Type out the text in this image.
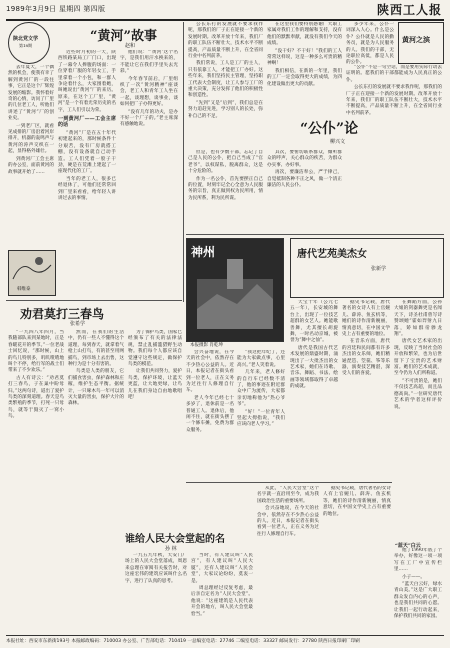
1989年3月9日 星期四 第四版	陕西工人报
陕北党文学
第18期
“黄河”故事
赵和

去年夏天，一个偶然的机会，使我有幸了解到黄河厂的一段往事，它正是这个厂辉煌发展的缩影。我怀着好奇的心情，访问了厂里的几位老工人，听他们讲述了“黄河”厂的创业史。

一到老厂区，就看见成排的厂房沿着河岸排开，机器的轰鸣声与黄河的涛声交织在一起，显得格外雄壮。

到黄河厂工会主席的办公室，面前黄河的故事就开始了……

近些时月初的一天，陕西铁路某局工厂门口，出现了一幕令人捧腹的场面：一位穿着厂服的年轻女工，手里拿着一个小包，和一群人争论着什么，大家围着她，叫她说出“黄河”厂的来历。原来，在这个工厂里，“黄河”是一个有着光荣历史的名字，工人们引以为荣。

一到黄河厂——工会主席的话

“黄河”厂是在五十年代初建起来的，那时候条件十分艰苦，没有厂房就搭工棚，没有设备就自己动手造。工人们凭着一股子干劲，硬是在荒滩上建起了一座现代化的工厂。

当年的老工人，很多已经退休了，可他们还常常回到厂里来看看，给年轻人讲讲过去的事情。

他们说：“‘黄河’这个名字，是我们用汗水换来的，不能让它在我们手里失去光彩。”

今年春节前后，厂里组织了一次“黄河精神”座谈会，老工人和青年工人坐在一起，谈理想，谈事业，谈如何把厂子办得更好。

“没有几年的功夫，是办不好一个厂子的。”老主席深有感触地说。

韩维泰

公长东打的发展就不要求我作呢，那我们的厂子正在迎接一个新的发展时期。改革开放十年来，我们厂的职工队伍不断壮大，技术水平不断提高，产品质量不断上升，在全省同行业中名列前茅。

我们常说，工人是工厂的主人，只有依靠工人，才能把工厂办好。这些年来，我们坚持民主管理，坚持职工代表大会制度，让工人参与工厂的重大决策，充分发挥了他们的积极性和创造性。

“先到”又是“后到”，我们总是在努力追赶先进，学习别人的长处，弥补自己的不足。

在这里我们要特别感谢广大职工家属对我们工作的理解和支持，没有他们的默默奉献，就没有我们今天的成绩。

“没干好？不干好！”我们的工人常常这样说，这是一种多么可贵的精神啊！

我们相信，在新的一年里，我们的工厂一定会取得更大的成绩，为四化建设做出更大的贡献。

多少年来，公仆一词深入人心。什么是公仆？公仆就是人民的勤务员，就是为人民服务的人。我们的干部，无论职位高低，都是人民的公仆。

黄河之滨
“公仆”论
柳兴文

但是，也有少数干部，忘记了自己是人民的公仆，把自己当成了“官老爷”，以权谋私，脱离群众，这是十分危险的。

作为一名公仆，首先要摆正自己的位置，时刻牢记全心全意为人民服务的宗旨，真正做到权为民所用，情为民所系，利为民所谋。

其次，要密切联系群众，倾听群众的呼声，关心群众的疾苦，为群众办实事、办好事。

再次，要廉洁奉公，严于律己，自觉抵制各种不正之风，做一个清正廉洁的人民公仆。

“公仆”不是一句空话，而是要用实际行动去证明的。愿我们的干部都能成为人民真正的公仆。

公长东打的发展就不要求我作呢，那我们的厂子正在迎接一个新的发展时期。改革开放十年来，我们厂的职工队伍不断壮大，技术水平不断提高，产品质量不断上升，在全省同行业中名列前茅。

劝君莫打三春鸟
张希学

“一九四八年四月，当我随部队来到某地时，正是春暖花开的季节。”一位老战士回忆说，“那时候，山上的鸟儿特别多，叽叽喳喳地叫个不停，给行军的战士们带来了不少欢乐。”

古人有诗云：“劝君莫打三春鸟，子在巢中盼母归。”这两句诗，道出了爱护鸟类的深刻道理。春天是鸟类繁殖的季节，打死一只母鸟，就等于毁灭了一窝小鸟。

然而，在我们的生活中，仍有一些人不懂得这个道理，每到春天，就拿着气枪上山打鸟，有的甚至用网捕鸟，到市场上去出售，这种行为是十分有害的。

鸟类是人类的朋友，它们捕食害虫，保护森林和庄稼，维护生态平衡。据统计，一只啄木鸟一年可以消灭大量的害虫，保护大片的森林。

为了保护鸟类，国家已经颁布了有关的法律法规，禁止乱捕滥猎野生动物。我们每个人都应该自觉遵守这些规定，做保护鸟类的模范。

让我们共同努力，爱护鸟类，保护环境，让蓝天更蓝，让大地更绿，让鸟儿在我们身边自由地歌唱吧！

神州
本报摄影 肖乾坤

会兴奋地说，在今天的社会中，依然存在不少热心公益的人。近日，本报记者在街头看到一位老人，正在义务为过往行人修理自行车。

老人今年已经七十多岁了，退休前是一名普通工人。退休后，他闲不住，就在街头摆了一个修车摊，免费为群众服务。

“我这把年纪了，还能为大家做点事，心里高兴。”老人笑着说。

几年来，老人修好的自行车已经数不清了，他的事迹在附近群众中广为流传，大家都亲切地称他为“热心爷爷”。

“好！”一位青年人竖起大拇指说，“我们应该向老人学习。”

唐代艺苑美杰女
张新学

天宝十年（公元七五一年），长安城的舞台上，出现了一位技艺超群的女艺人。她能歌善舞，尤其擅长胡旋舞，一时名动京城，被誉为“舞中之仙”。

唐代是我国古代艺术发展的鼎盛时期，涌现出了一大批杰出的女艺术家，她们在诗歌、音乐、舞蹈、书法、绘画等领域都取得了卓越的成就。

据史书记载，唐代著名的女诗人有上官婉儿、薛涛、鱼玄机等，她们的诗作清新婉丽，情真意切，在中国文学史上占有重要的地位。

在音乐方面，唐代的宫廷和民间都有许多杰出的女乐师，她们精通琵琶、箜篌、筝等乐器，演奏技艺精湛，深受人们的喜爱。

在舞蹈方面，公孙大娘的剑器舞更是名闻天下，诗圣杜甫曾写诗赞颂她“霍如羿射九日落，矫如群帝骖龙翔”。

唐代女艺术家的出现，反映了当时社会的开放和繁荣，也为后世留下了宝贵的艺术财富。她们的艺术成就，至今仍为人们所称道。

“不可贵的是，她们不仅技艺高超，而且品德高尚。”一位研究唐代艺术的学者这样评价说。

谁给人民大会堂起的名
孙 林

一九五九年秋，天安门广场上的人民大会堂落成，周恩来总理在审阅有关报告时，对这座宏伟的建筑应该叫什么名字，进行了认真的思考。

当时，有人建议叫“人民宫”，有人建议叫“人民大厦”，还有人建议叫“人民会堂”，大家议论纷纷，莫衷一是。

周总理经过反复考虑，最后亲自定名为“人民大会堂”。他说：“这座建筑是人民代表开会的地方，叫人民大会堂最恰当。”

从此，“人民大会堂”这个名字就一直沿用至今，成为我国政治生活的重要场所。

会兴奋地说，在今天的社会中，依然存在不少热心公益的人。近日，本报记者在街头看到一位老人，正在义务为过往行人修理自行车。

据史书记载，唐代著名的女诗人有上官婉儿、薛涛、鱼玄机等，她们的诗作清新婉丽，情真意切，在中国文学史上占有重要的地位。

他了1990年底了个举办，好像这一项一项写在工厂中宣传栏里……

小子——。

“蓝天白云好，绿水青山美。”这是广大职工群众发自内心的心声，也是我们共同的心愿。让我们一起行动起来，保护我们共同的家园。

“蓝天”白云
本报社址：西安市东新街193号 本报邮政编码：710003 办公室、广告部电话：710419 一总编室电话：27746 二编室电话：33327 邮局发行：27780 陕西日报印刷厂印刷
